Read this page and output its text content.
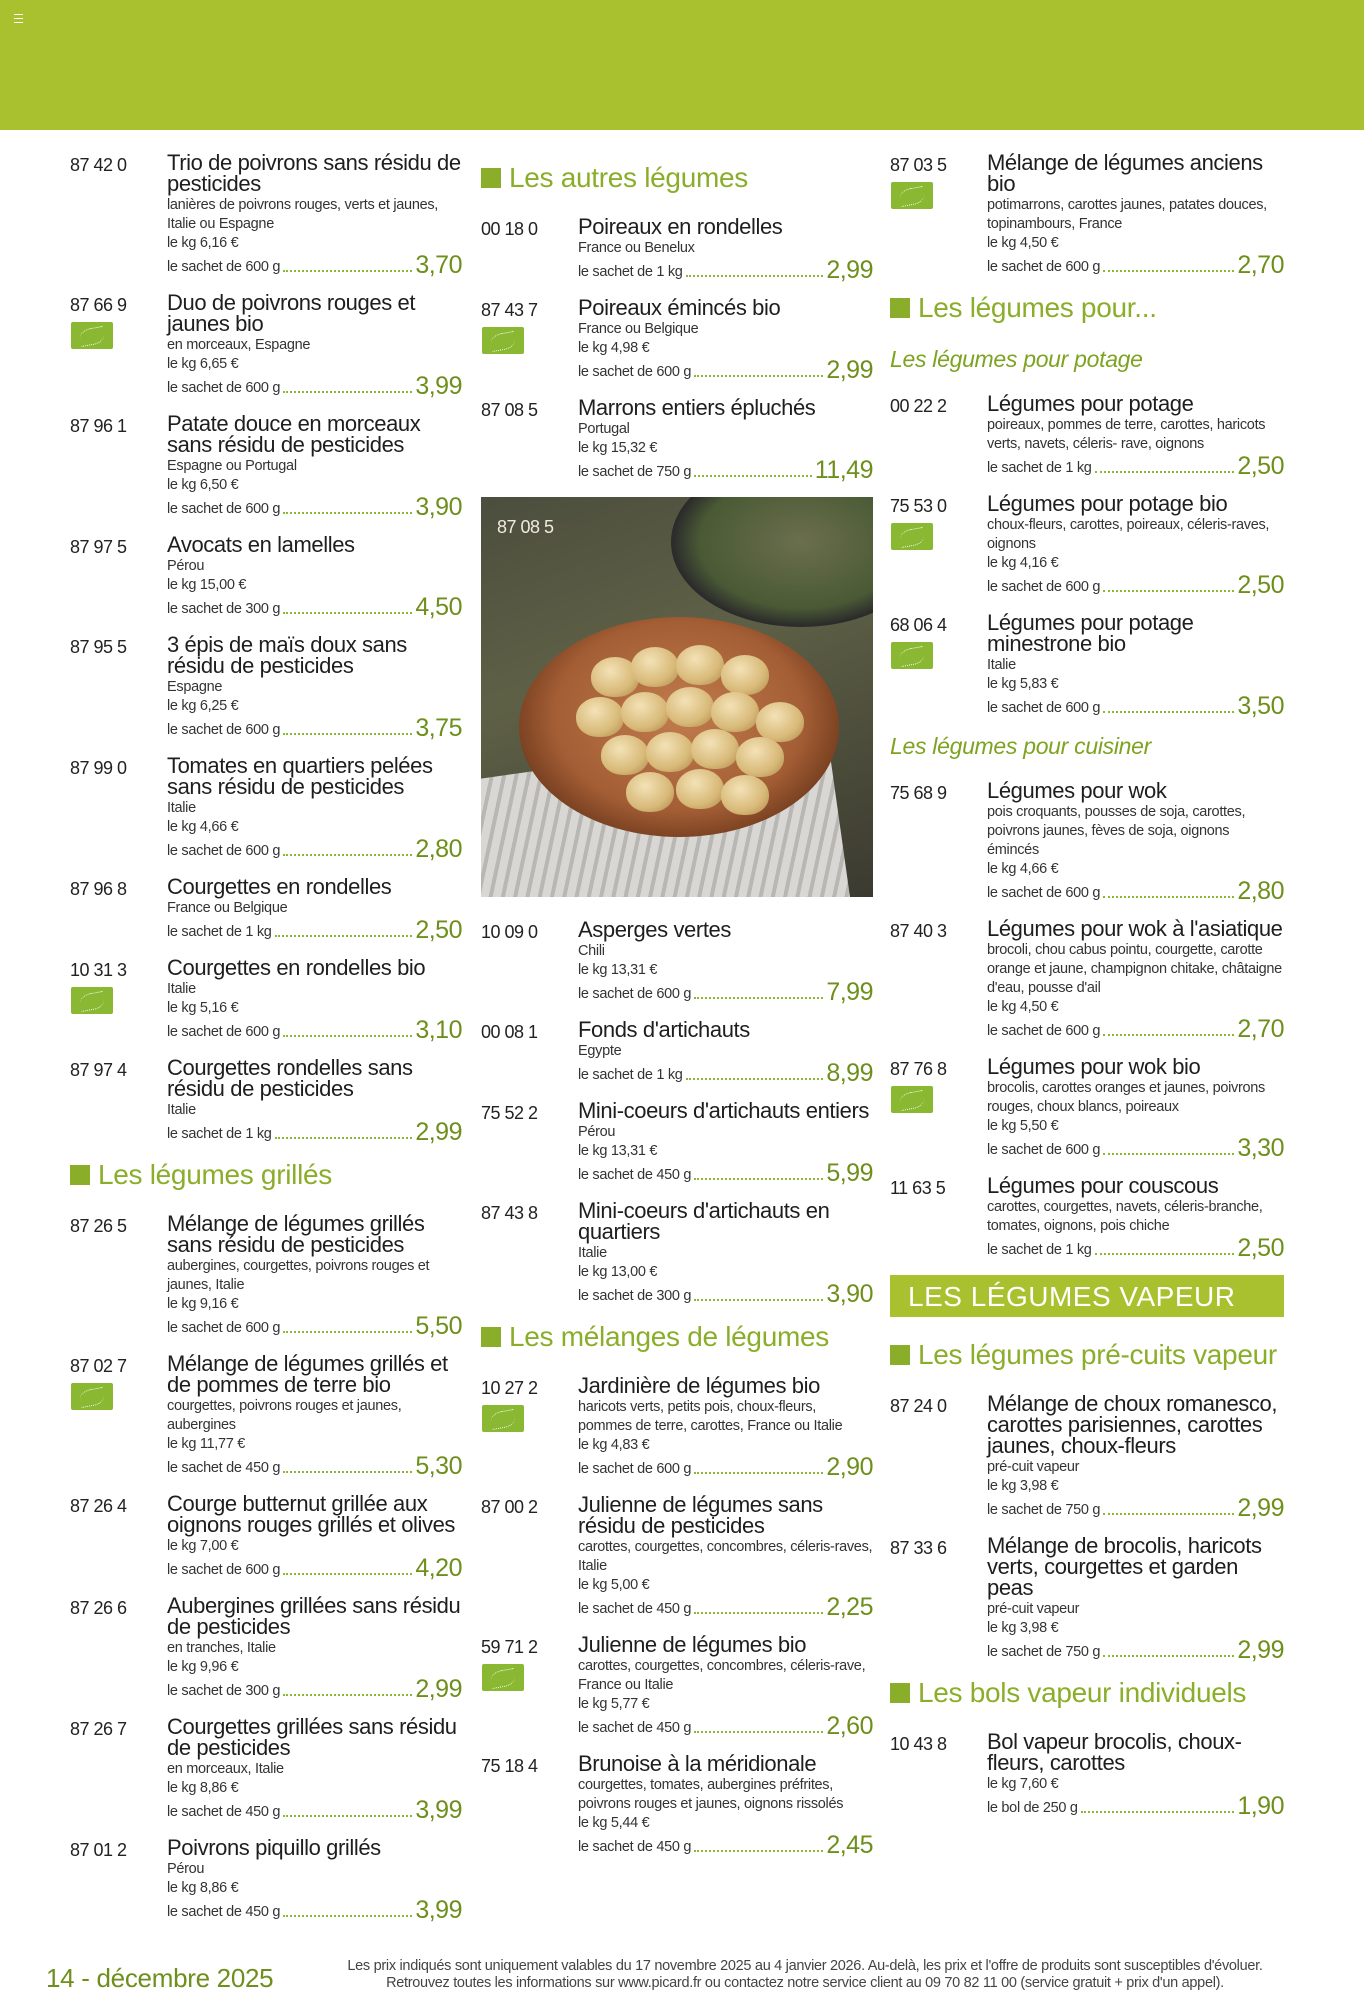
87 42 0	Trio de poivrons sans résidu de pesticides
lanières de poivrons rouges, verts et jaunes, Italie ou Espagne
le kg 6,16 €
le sachet de 600 g	3,70
87 66 9	Duo de poivrons rouges et jaunes bio
en morceaux, Espagne
le kg 6,65 €
le sachet de 600 g	3,99
87 96 1	Patate douce en morceaux sans résidu de pesticides
Espagne ou Portugal
le kg 6,50 €
le sachet de 600 g	3,90
87 97 5	Avocats en lamelles
Pérou
le kg 15,00 €
le sachet de 300 g	4,50
87 95 5	3 épis de maïs doux sans résidu de pesticides
Espagne
le kg 6,25 €
le sachet de 600 g	3,75
87 99 0	Tomates en quartiers pelées sans résidu de pesticides
Italie
le kg 4,66 €
le sachet de 600 g	2,80
87 96 8	Courgettes en rondelles
France ou Belgique
le sachet de 1 kg	2,50
10 31 3	Courgettes en rondelles bio
Italie
le kg 5,16 €
le sachet de 600 g	3,10
87 97 4	Courgettes rondelles sans résidu de pesticides
Italie
le sachet de 1 kg	2,99
Les légumes grillés
87 26 5	Mélange de légumes grillés sans résidu de pesticides
aubergines, courgettes, poivrons rouges et jaunes, Italie
le kg 9,16 €
le sachet de 600 g	5,50
87 02 7	Mélange de légumes grillés et de pommes de terre bio
courgettes, poivrons rouges et jaunes, aubergines
le kg 11,77 €
le sachet de 450 g	5,30
87 26 4	Courge butternut grillée aux oignons rouges grillés et olives
le kg 7,00 €
le sachet de 600 g	4,20
87 26 6	Aubergines grillées sans résidu de pesticides
en tranches, Italie
le kg 9,96 €
le sachet de 300 g	2,99
87 26 7	Courgettes grillées sans résidu de pesticides
en morceaux, Italie
le kg 8,86 €
le sachet de 450 g	3,99
87 01 2	Poivrons piquillo grillés
Pérou
le kg 8,86 €
le sachet de 450 g	3,99
Les autres légumes
00 18 0	Poireaux en rondelles
France ou Benelux
le sachet de 1 kg	2,99
87 43 7	Poireaux émincés bio
France ou Belgique
le kg 4,98 €
le sachet de 600 g	2,99
87 08 5	Marrons entiers épluchés
Portugal
le kg 15,32 €
le sachet de 750 g	11,49
87 08 5
10 09 0	Asperges vertes
Chili
le kg 13,31 €
le sachet de 600 g	7,99
00 08 1	Fonds d'artichauts
Egypte
le sachet de 1 kg	8,99
75 52 2	Mini-coeurs d'artichauts entiers
Pérou
le kg 13,31 €
le sachet de 450 g	5,99
87 43 8	Mini-coeurs d'artichauts en quartiers
Italie
le kg 13,00 €
le sachet de 300 g	3,90
Les mélanges de légumes
10 27 2	Jardinière de légumes bio
haricots verts, petits pois, choux-fleurs, pommes de terre, carottes, France ou Italie
le kg 4,83 €
le sachet de 600 g	2,90
87 00 2	Julienne de légumes sans résidu de pesticides
carottes, courgettes, concombres, céleris-raves, Italie
le kg 5,00 €
le sachet de 450 g	2,25
59 71 2	Julienne de légumes bio
carottes, courgettes, concombres, céleris-rave, France ou Italie
le kg 5,77 €
le sachet de 450 g	2,60
75 18 4	Brunoise à la méridionale
courgettes, tomates, aubergines préfrites, poivrons rouges et jaunes, oignons rissolés
le kg 5,44 €
le sachet de 450 g	2,45
87 03 5	Mélange de légumes anciens bio
potimarrons, carottes jaunes, patates douces, topinambours, France
le kg 4,50 €
le sachet de 600 g	2,70
Les légumes pour...
Les légumes pour potage
00 22 2	Légumes pour potage
poireaux, pommes de terre, carottes, haricots verts, navets, céleris- rave, oignons
le sachet de 1 kg	2,50
75 53 0	Légumes pour potage bio
choux-fleurs, carottes, poireaux, céleris-raves, oignons
le kg 4,16 €
le sachet de 600 g	2,50
68 06 4	Légumes pour potage minestrone bio
Italie
le kg 5,83 €
le sachet de 600 g	3,50
Les légumes pour cuisiner
75 68 9	Légumes pour wok
pois croquants, pousses de soja, carottes, poivrons jaunes, fèves de soja, oignons émincés
le kg 4,66 €
le sachet de 600 g	2,80
87 40 3	Légumes pour wok à l'asiatique
brocoli, chou cabus pointu, courgette, carotte orange et jaune, champignon chitake, châtaigne d'eau, pousse d'ail
le kg 4,50 €
le sachet de 600 g	2,70
87 76 8	Légumes pour wok bio
brocolis, carottes oranges et jaunes, poivrons rouges, choux blancs, poireaux
le kg 5,50 €
le sachet de 600 g	3,30
11 63 5	Légumes pour couscous
carottes, courgettes, navets, céleris-branche, tomates, oignons, pois chiche
le sachet de 1 kg	2,50
LES LÉGUMES VAPEUR
Les légumes pré-cuits vapeur
87 24 0	Mélange de choux romanesco, carottes parisiennes, carottes jaunes, choux-fleurs
pré-cuit vapeur
le kg 3,98 €
le sachet de 750 g	2,99
87 33 6	Mélange de brocolis, haricots verts, courgettes et garden peas
pré-cuit vapeur
le kg 3,98 €
le sachet de 750 g	2,99
Les bols vapeur individuels
10 43 8	Bol vapeur brocolis, choux-fleurs, carottes
le kg 7,60 €
le bol de 250 g	1,90
14 - décembre 2025	Les prix indiqués sont uniquement valables du 17 novembre 2025 au 4 janvier 2026. Au-delà, les prix et l'offre de produits sont susceptibles d'évoluer.
Retrouvez toutes les informations sur www.picard.fr ou contactez notre service client au 09 70 82 11 00 (service gratuit + prix d'un appel).
